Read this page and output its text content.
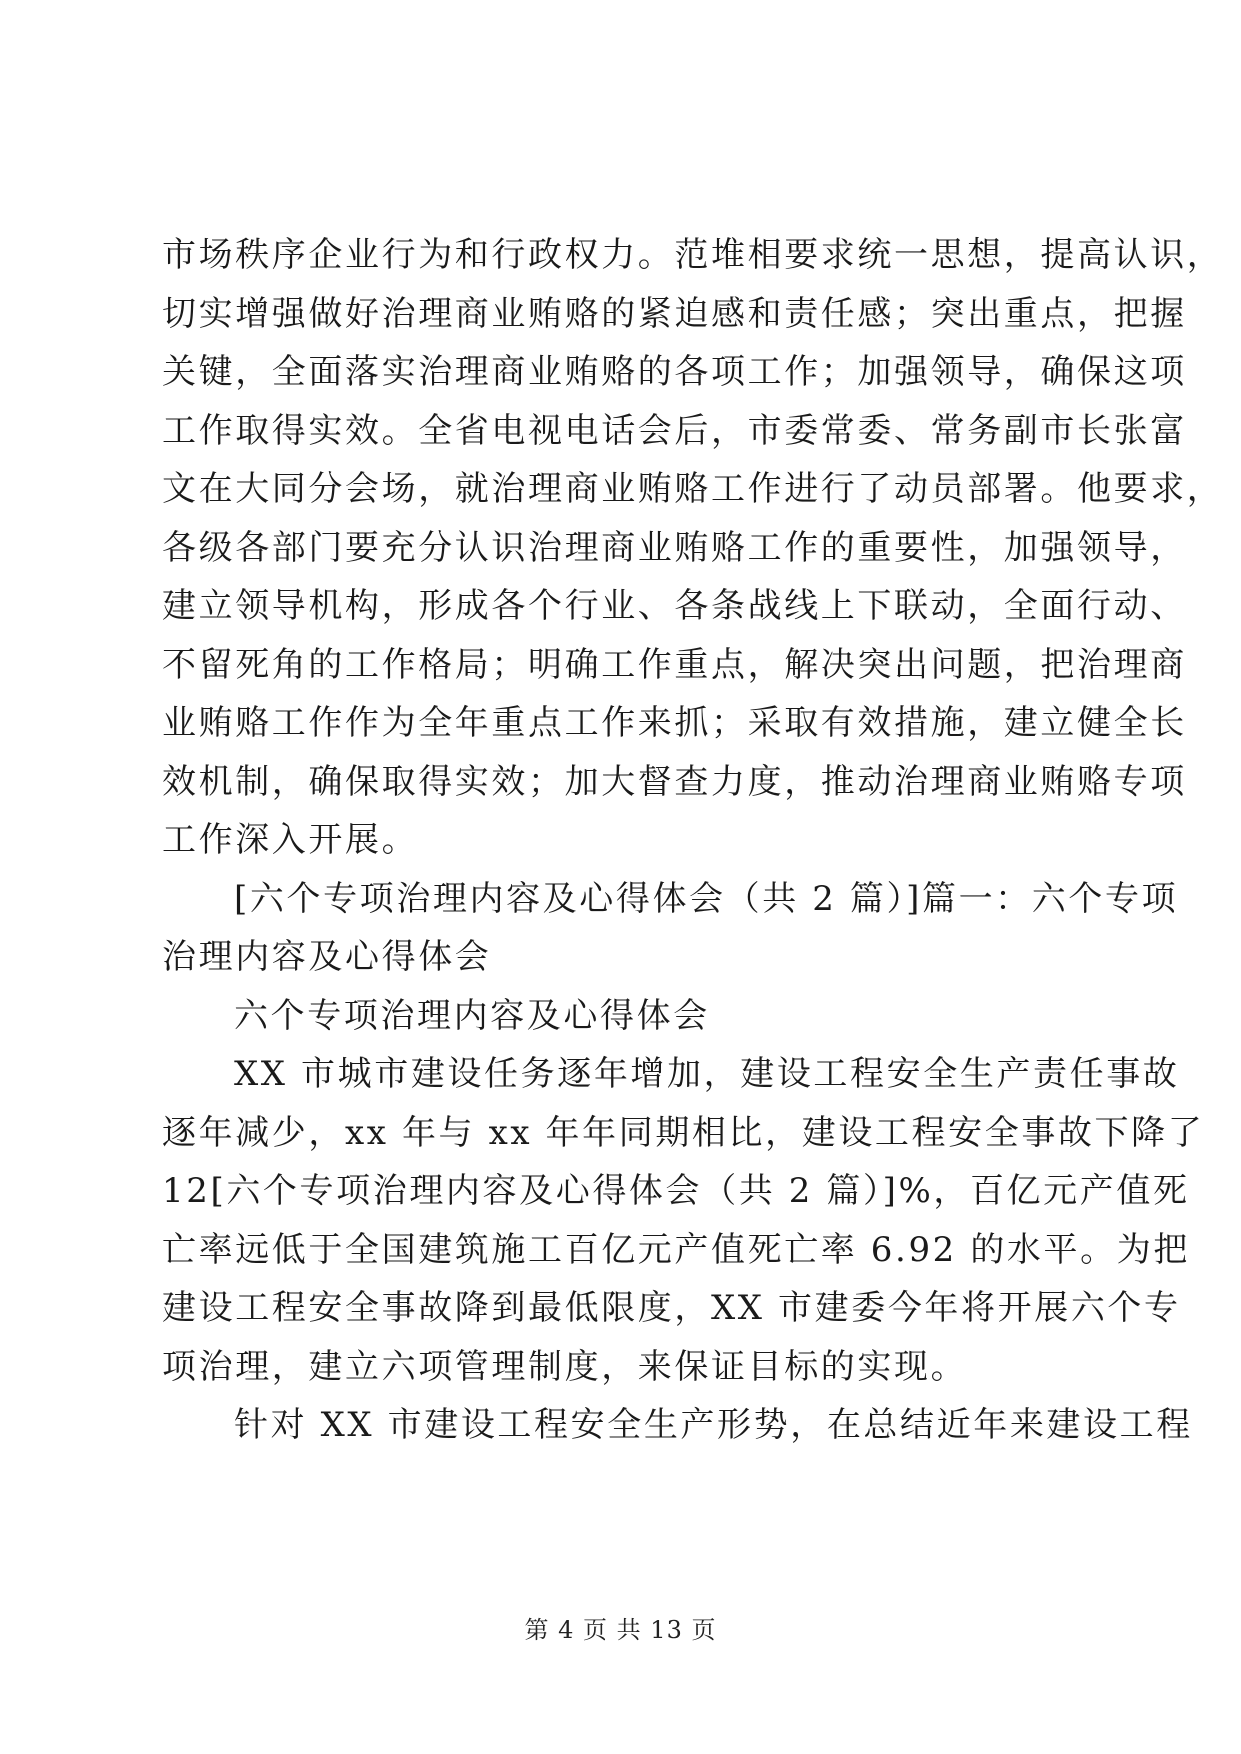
市场秩序企业行为和行政权力。范堆相要求统一思想，提高认识，
切实增强做好治理商业贿赂的紧迫感和责任感；突出重点，把握
关键，全面落实治理商业贿赂的各项工作；加强领导，确保这项
工作取得实效。全省电视电话会后，市委常委、常务副市长张富
文在大同分会场，就治理商业贿赂工作进行了动员部署。他要求，
各级各部门要充分认识治理商业贿赂工作的重要性，加强领导，
建立领导机构，形成各个行业、各条战线上下联动，全面行动、
不留死角的工作格局；明确工作重点，解决突出问题，把治理商
业贿赂工作作为全年重点工作来抓；采取有效措施，建立健全长
效机制，确保取得实效；加大督查力度，推动治理商业贿赂专项
工作深入开展。
[六个专项治理内容及心得体会（共 2 篇）]篇一：六个专项
治理内容及心得体会
六个专项治理内容及心得体会
XX 市城市建设任务逐年增加，建设工程安全生产责任事故
逐年减少，xx 年与 xx 年年同期相比，建设工程安全事故下降了
12[六个专项治理内容及心得体会（共 2 篇）]%，百亿元产值死
亡率远低于全国建筑施工百亿元产值死亡率 6.92 的水平。为把
建设工程安全事故降到最低限度，XX 市建委今年将开展六个专
项治理，建立六项管理制度，来保证目标的实现。
针对 XX 市建设工程安全生产形势，在总结近年来建设工程
第 4 页 共 13 页
